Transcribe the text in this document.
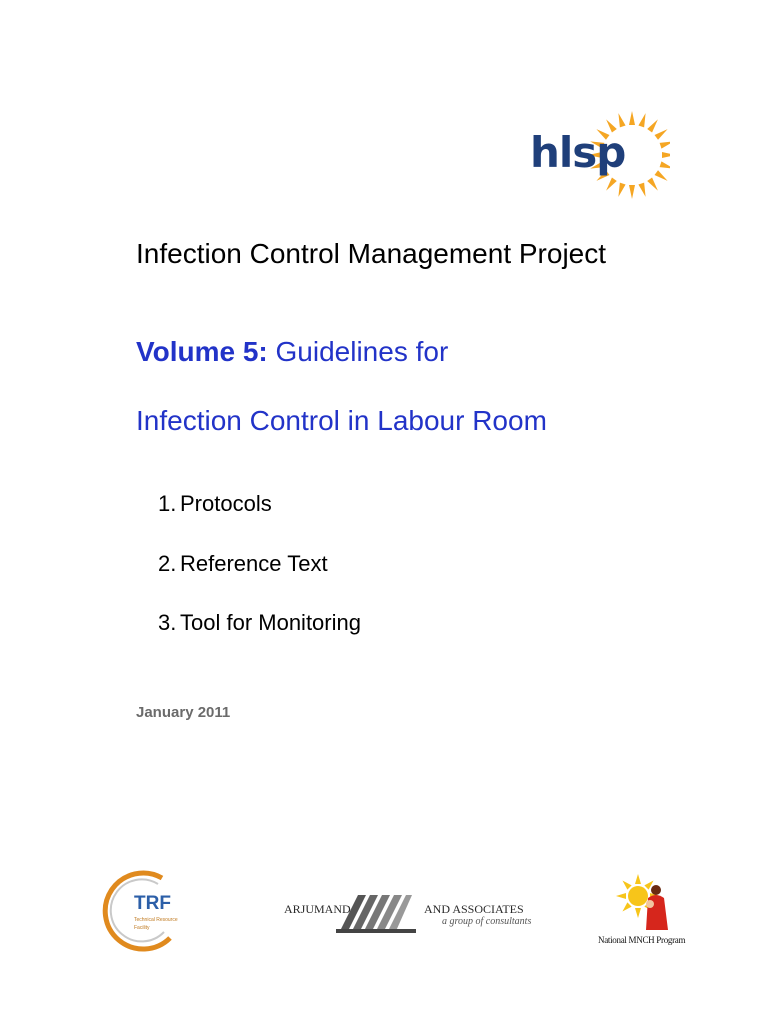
hlsp
Infection Control Management Project
Volume 5: Guidelines for
Infection Control in Labour Room
1. Protocols
2. Reference Text
3. Tool for Monitoring
January 2011
TRF
Technical Resource
Facility
ARJUMAND	AND ASSOCIATES
a group of consultants
National MNCH Program
